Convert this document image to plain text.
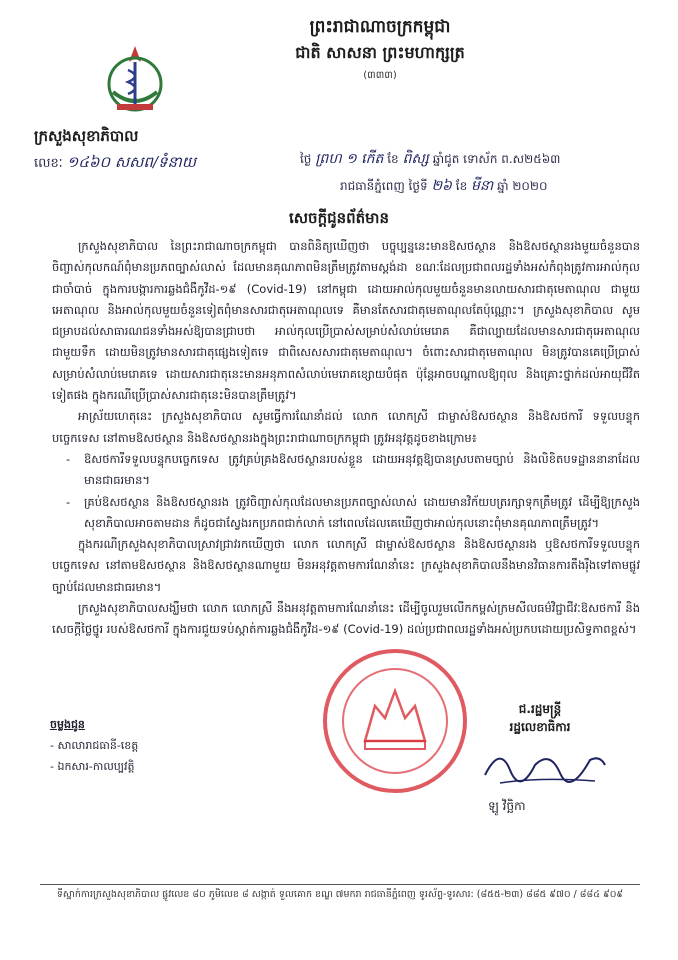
ព្រះរាជាណាចក្រកម្ពុជា
ជាតិ សាសនា ព្រះមហាក្សត្រ
(៣៣៣)
ក្រសួងសុខាភិបាល
លេខៈ ១៤៦០ សសព/ទំនាយ	ថ្ងៃ ព្រហ ១ កើត ខែ ពិស្ស ឆ្នាំជូត ទោស័ក ព.ស២៥៦៣
រាជធានីភ្នំពេញ ថ្ងៃទី ២៦ ខែ មីនា ឆ្នាំ ២០២០
សេចក្តីជូនព័ត៌មាន

ក្រសួងសុខាភិបាល នៃព្រះរាជាណាចក្រកម្ពុជា បានពិនិត្យឃើញថា បច្ចុប្បន្ននេះមានឱសថស្ថាន និងឱសថស្ថានរងមួយចំនួនបានចិញ្ចាស់កុលកណ៍ពុំមានប្រភពច្បាស់លាស់ ដែលមានគុណភាពមិនត្រឹមត្រូវតាមស្តង់ដា ខណៈដែលប្រជាពលរដ្ឋទាំងអស់កំពុងត្រូវការអាល់កុលជាចាំបាច់ ក្នុងការបង្ការការឆ្លងជំងឺកូវីដ-១៩ (Covid-19) នៅកម្ពុជា ដោយអាល់កុលមួយចំនួនមានលាយសារជាតុមេតាណុល ជាមួយអេតាណុល និងអាល់កុលមួយចំនួនទៀតពុំមានសារជាតុអេតាណុលទេ គឺមានតែសារជាតុមេតាណុលតែប៉ុណ្ណោះ។ ក្រសួងសុខាភិបាល សូមជម្រាបដល់សាធារណជនទាំងអស់ឱ្យបានជ្រាបថា អាល់កុលប្រើប្រាស់សម្រាប់សំលាប់មេរោគ គឺជាល្បាយដែលមានសារជាតុអេតាណុល ជាមួយទឹក ដោយមិនត្រូវមានសារជាតុផ្សេងទៀតទេ ជាពិសេសសារជាតុមេតាណុល។ ចំពោះសារជាតុមេតាណុល មិនត្រូវបានគេប្រើប្រាស់សម្រាប់សំលាប់មេរោគទេ ដោយសារជាតុនេះមានអនុភាពសំលាប់មេរោគខ្សោយបំផុត ប៉ុន្តែអាចបណ្តាលឱ្យពុល និងគ្រោះថ្នាក់ដល់អាយុជីវិតទៀតផង ក្នុងករណីប្រើប្រាស់សារជាតុនេះមិនបានត្រឹមត្រូវ។

អាស្រ័យហេតុនេះ ក្រសួងសុខាភិបាល សូមធ្វើការណែនាំដល់ លោក លោកស្រី ជាម្ចាស់ឱសថស្ថាន និងឱសថការី ទទួលបន្ទុកបច្ចេកទេស នៅតាមឱសថស្ថាន និងឱសថស្ថានរងក្នុងព្រះរាជាណាចក្រកម្ពុជា ត្រូវអនុវត្តដូចខាងក្រោម៖

- ឱសថការីទទួលបន្ទុកបច្ចេកទេស ត្រូវគ្រប់គ្រងឱសថស្ថានរបស់ខ្លួន ដោយអនុវត្តឱ្យបានស្របតាមច្បាប់ និងលិខិតបទដ្ឋាននានាដែលមានជាធរមាន។
- គ្រប់ឱសថស្ថាន និងឱសថស្ថានរង ត្រូវចិញ្ចាស់កុលដែលមានប្រភពច្បាស់លាស់ ដោយមានវិក័យបត្ររក្សាទុកត្រឹមត្រូវ ដើម្បីឱ្យក្រសួងសុខាភិបាលអាចតាមដាន ក៏ដូចជាស្វែងរកប្រភពជាក់លាក់ នៅពេលដែលគេឃើញថាអាល់កុលនោះពុំមានគុណភាពត្រឹមត្រូវ។

ក្នុងករណីក្រសួងសុខាភិបាលស្រាវជ្រាវរកឃើញថា លោក លោកស្រី ជាម្ចាស់ឱសថស្ថាន និងឱសថស្ថានរង ឬឱសថការីទទួលបន្ទុកបច្ចេកទេស នៅតាមឱសថស្ថាន និងឱសថស្ថានណាមួយ មិនអនុវត្តតាមការណែនាំនេះ ក្រសួងសុខាភិបាលនឹងមានវិធានការតឹងរ៉ឹងទៅតាមផ្លូវច្បាប់ដែលមានជាធរមាន។

ក្រសួងសុខាភិបាលសង្ឃឹមថា លោក លោកស្រី នឹងអនុវត្តតាមការណែនាំនេះ ដើម្បីចូលរួមលើកកម្ពស់ក្រមសីលធម៌វិជ្ជាជីវៈឱសថការី និងសេចក្តីថ្លៃថ្នូរ របស់ឱសថការី ក្នុងការជួយទប់ស្កាត់ការឆ្លងជំងឺកូវីដ-១៩ (Covid-19) ដល់ប្រជាពលរដ្ឋទាំងអស់ប្រកបដោយប្រសិទ្ធភាពខ្ពស់។

ចម្លងជូន
- សាលារាជធានី-ខេត្ត
- ឯកសារ-កាលប្បវត្តិ
ជ.រដ្ឋមន្ត្រី
រដ្ឋលេខាធិការ
ឡូ វិច្ឆិកា
ទីស្នាក់ការក្រសួងសុខាភិបាល ផ្លូវលេខ ៨០ ភូមិលេខ ៨ សង្កាត់ ទួលគោក ខណ្ឌ ៧មករា រាជធានីភ្នំពេញ ទូរស័ព្ទ-ទូរសារ: (៨៥៥-២៣) ៨៨៥ ៩៧០ / ៨៨៤ ៩០៩
